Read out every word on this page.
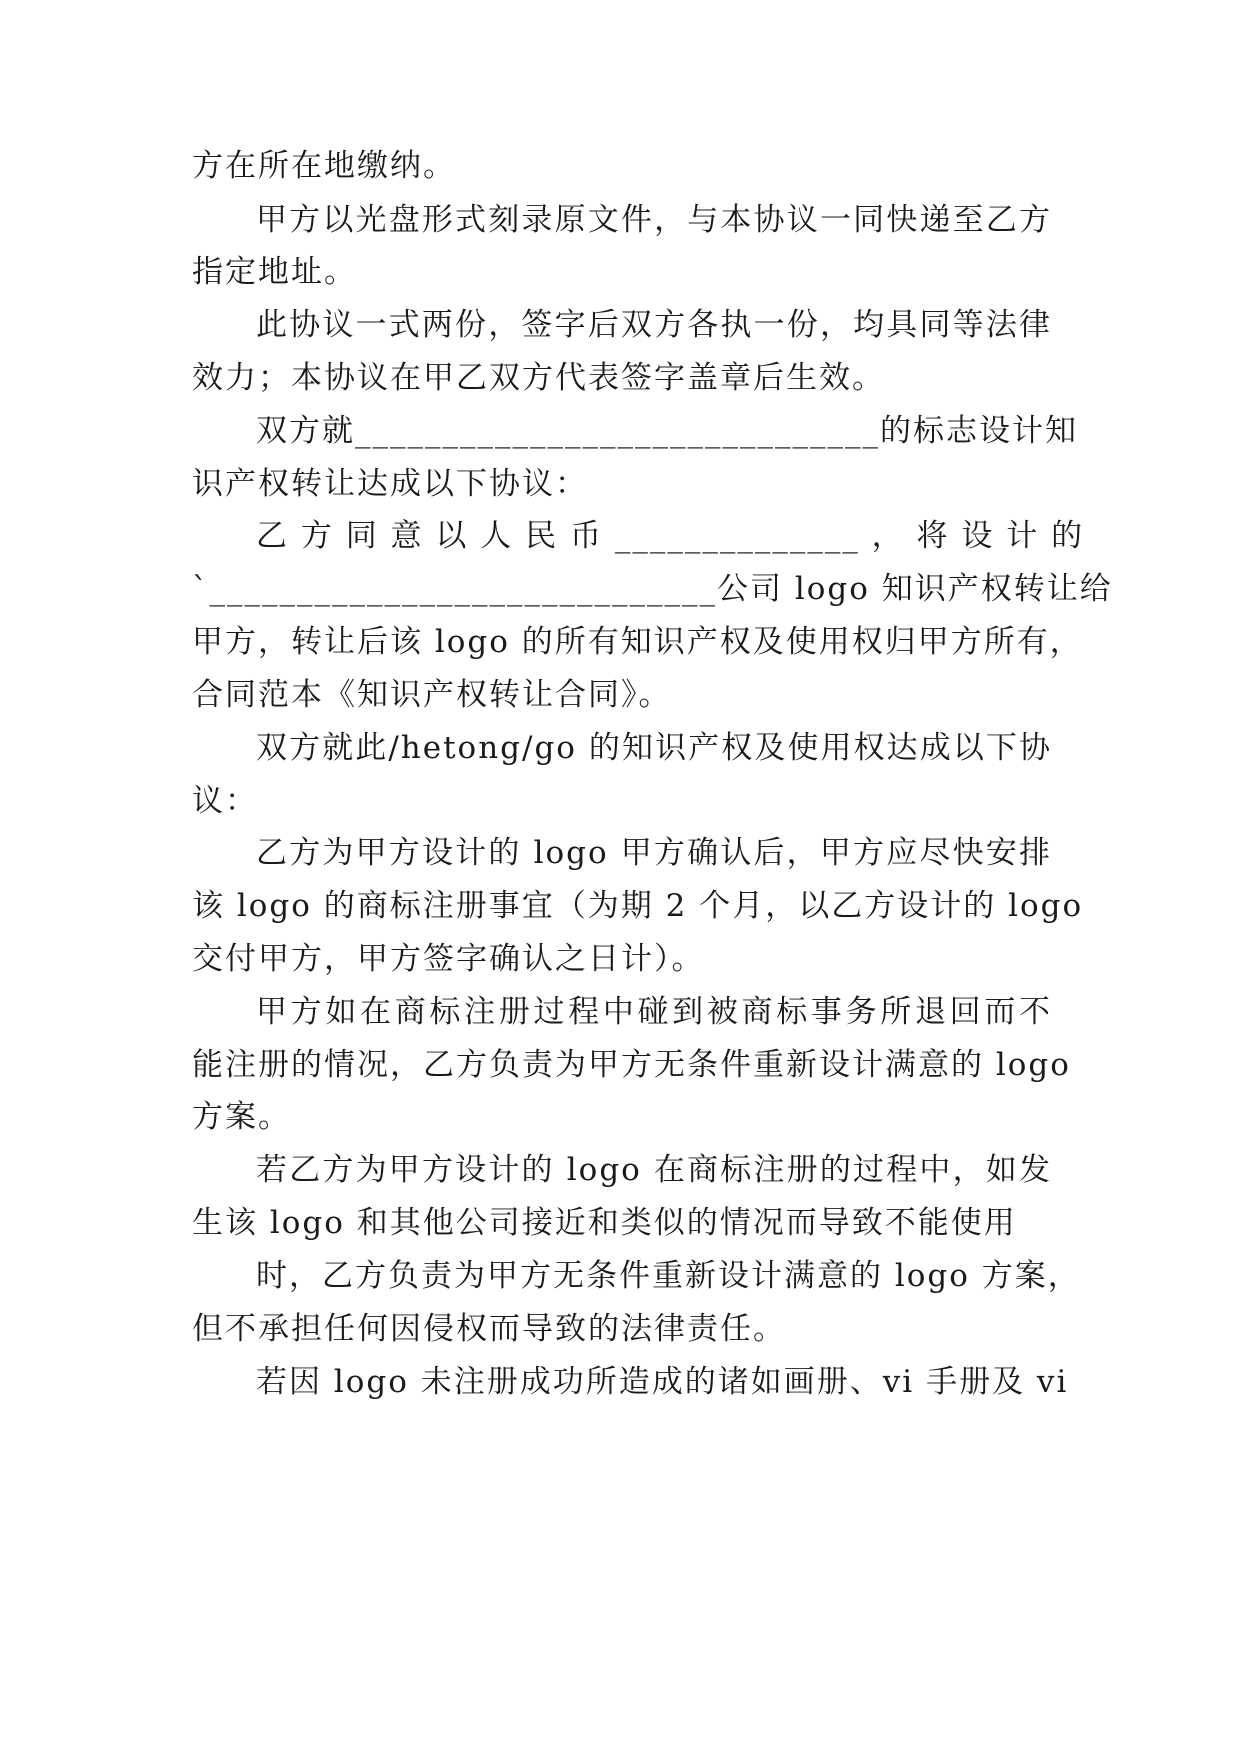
方在所在地缴纳。
甲方以光盘形式刻录原文件，与本协议一同快递至乙方
指定地址。
此协议一式两份，签字后双方各执一份，均具同等法律
效力；本协议在甲乙双方代表签字盖章后生效。
双方就______________________________的标志设计知
识产权转让达成以下协议：
乙 方 同 意 以 人 民 币 ______________ ， 将 设 计 的
`_____________________________公司 logo 知识产权转让给
甲方，转让后该 logo 的所有知识产权及使用权归甲方所有，
合同范本《知识产权转让合同》。
双方就此/hetong/go 的知识产权及使用权达成以下协
议：
乙方为甲方设计的 logo 甲方确认后，甲方应尽快安排
该 logo 的商标注册事宜（为期 2 个月，以乙方设计的 logo
交付甲方，甲方签字确认之日计）。
甲方如在商标注册过程中碰到被商标事务所退回而不
能注册的情况，乙方负责为甲方无条件重新设计满意的 logo
方案。
若乙方为甲方设计的 logo 在商标注册的过程中，如发
生该 logo 和其他公司接近和类似的情况而导致不能使用
时，乙方负责为甲方无条件重新设计满意的 logo 方案，
但不承担任何因侵权而导致的法律责任。
若因 logo 未注册成功所造成的诸如画册、vi 手册及 vi
